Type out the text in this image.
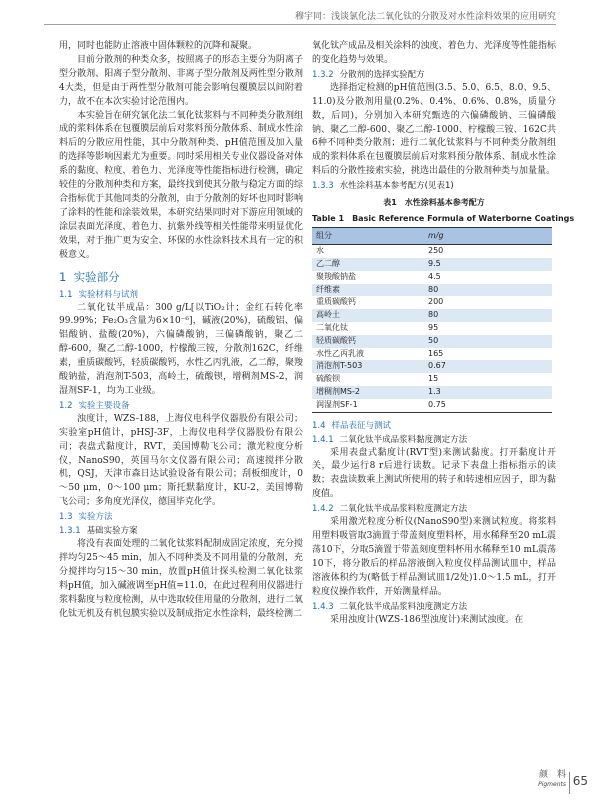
穆宇同：浅谈氯化法二氧化钛的分散及对水性涂料效果的应用研究

用，同时也能防止溶液中固体颗粒的沉降和凝聚。

目前分散剂的种类众多，按照离子的形态主要分为阴离子型分散剂、阳离子型分散剂、非离子型分散剂及两性型分散剂4大类，但是由于两性型分散剂可能会影响包覆膜层以间附着力，故不在本次实验讨论范围内。

本实验旨在研究氯化法二氧化钛浆料与不同种类分散剂组成的浆料体系在包覆膜层前后对浆料预分散体系、制成水性涂料后的分散应用性能，其中分散剂种类、pH值范围及加入量的选择等影响因素尤为重要。同时采用相关专业仪器设备对体系的黏度、粒度、着色力、光泽度等性能指标进行检测，确定较佳的分散剂种类和方案，最终找到使其分散与稳定方面的综合指标优于其他同类的分散剂，由于分散剂的好坏也同时影响了涂料的性能和涂装效果，本研究结果同时对下游应用领域的涂层表面光泽度、着色力、抗紫外线等相关性能带来明显优化效果，对于推广更为安全、环保的水性涂料技术具有一定的积极意义。

1 实验部分
1.1 实验材料与试剂

二氧化钛半成品：300 g/L[以TiO₂计；金红石转化率99.99%；Fe₂O₃含量为6×10⁻⁶]，碱液(20%)，硫酸铝、偏铝酸钠、盐酸(20%)，六偏磷酸钠，三偏磷酸钠，聚乙二醇-600，聚乙二醇-1000，柠檬酸三铵，分散剂162C，纤维素，重质碳酸钙，轻质碳酸钙，水性乙丙乳液，乙二醇，聚羧酸钠盐，消泡剂T-503，高岭土，硫酸钡，增稠剂MS-2，润湿剂SF-1，均为工业级。

1.2 实验主要设备

浊度计，WZS-188，上海仪电科学仪器股份有限公司；实验室pH值计，pHSJ-3F，上海仪电科学仪器股份有限公司；表盘式黏度计，RVT，美国博勒飞公司；激光粒度分析仪，NanoS90，英国马尔文仪器有限公司；高速搅拌分散机，QSJ，天津市森日达试验设备有限公司；刮板细度计，0～50 μm，0～100 μm；斯托默黏度计，KU-2，美国博勒飞公司；多角度光泽仪，德国毕克化学。

1.3 实验方法
1.3.1 基础实验方案

将没有表面处理的二氧化钛浆料配制成固定浓度，充分搅拌均匀25～45 min，加入不同种类及不同用量的分散剂，充分搅拌均匀15～30 min，放置pH值计探头检测二氧化钛浆料pH值，加入碱液调至pH值=11.0，在此过程利用仪器进行浆料黏度与粒度检测，从中选取较佳用量的分散剂，进行二氧化钛无机及有机包膜实验以及制成指定水性涂料，最终检测二

氧化钛产成品及相关涂料的浊度、着色力、光泽度等性能指标的变化趋势与效果。

1.3.2 分散剂的选择实验配方

选择指定检测的pH值范围(3.5、5.0、6.5、8.0、9.5、11.0)及分散剂用量(0.2%、0.4%、0.6%、0.8%，质量分数，后同)，分别加入本研究甄选的六偏磷酸钠、三偏磷酸钠、聚乙二醇-600、聚乙二醇-1000、柠檬酸三铵、162C共6种不同种类分散剂；进行二氧化钛浆料与不同种类分散剂组成的浆料体系在包覆膜层前后对浆料预分散体系、制成水性涂料后的分散性接索实验，挑选出最佳的分散剂种类与加量量。

1.3.3 水性涂料基本参考配方(见表1)
表1　水性涂料基本参考配方
Table 1　Basic Reference Formula of Waterborne Coatings
组分	m/g
水	250
乙二醇	9.5
聚羧酸钠盐	4.5
纤维素	80
重质碳酸钙	200
高岭土	80
二氧化钛	95
轻质碳酸钙	50
水性乙丙乳液	165
消泡剂T-503	0.67
硫酸钡	15
增稠剂MS-2	1.3
润湿剂SF-1	0.75
1.4 样品表征与测试
1.4.1 二氧化钛半成品浆料黏度测定方法

采用表盘式黏度计(RVT型)来测试黏度。打开黏度计开关，最少运行8 r后进行读数。记录下表盘上指标指示的读数；表盘读数乘上测试所使用的转子和转速相应因子，即为黏度值。

1.4.2 二氧化钛半成品浆料粒度测定方法

采用激光粒度分析仪(NanoS90型)来测试粒度。将浆料用塑料吸管取3滴置于带盖刻度塑料杯，用水稀释至20 mL震荡10下，分取5滴置于带盖刻度塑料杯用水稀释至10 mL震荡10下，将分散后的样品溶液倒入粒度仪样品测试皿中，样品溶液体积约为(略低于样品测试皿1/2处)1.0～1.5 mL，打开粒度仪操作软件，开始测量样品。

1.4.3 二氧化钛半成品浆料浊度测定方法

采用浊度计(WZS-186型浊度计)来测试浊度。在

颜　料
Pigments 65
